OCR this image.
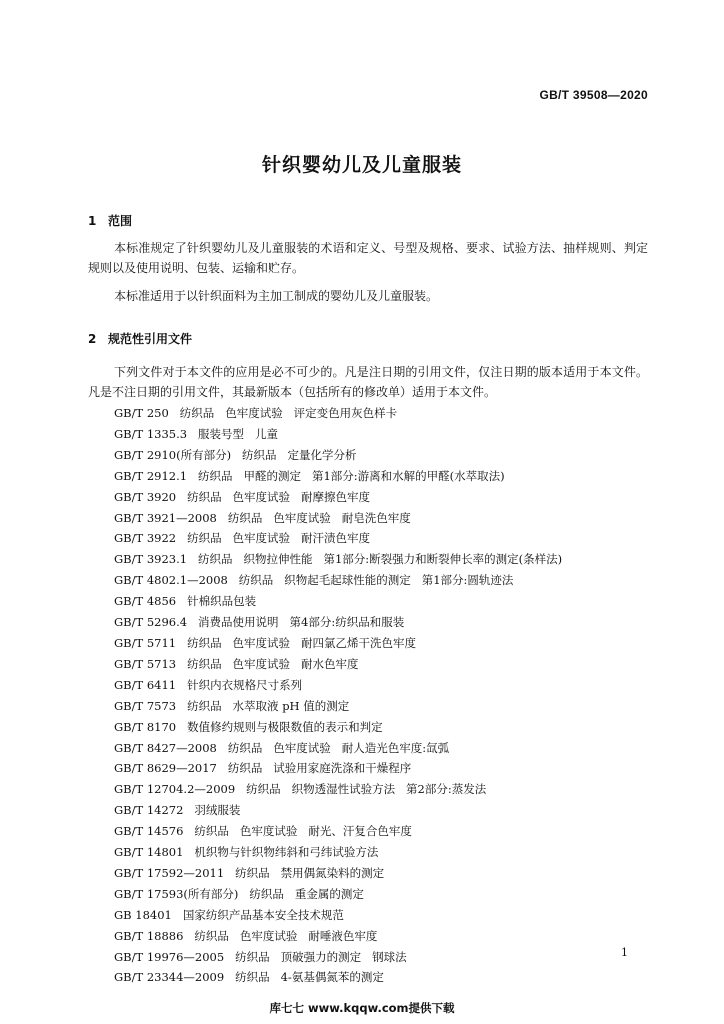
GB/T 39508—2020
针织婴幼儿及儿童服装
1 范围

本标准规定了针织婴幼儿及儿童服装的术语和定义、号型及规格、要求、试验方法、抽样规则、判定规则以及使用说明、包装、运输和贮存。

本标准适用于以针织面料为主加工制成的婴幼儿及儿童服装。

2 规范性引用文件

下列文件对于本文件的应用是必不可少的。凡是注日期的引用文件，仅注日期的版本适用于本文件。凡是不注日期的引用文件，其最新版本（包括所有的修改单）适用于本文件。

GB/T 250   纺织品   色牢度试验   评定变色用灰色样卡
GB/T 1335.3   服装号型   儿童
GB/T 2910(所有部分)   纺织品   定量化学分析
GB/T 2912.1   纺织品   甲醛的测定   第1部分:游离和水解的甲醛(水萃取法)
GB/T 3920   纺织品   色牢度试验   耐摩擦色牢度
GB/T 3921—2008   纺织品   色牢度试验   耐皂洗色牢度
GB/T 3922   纺织品   色牢度试验   耐汗渍色牢度
GB/T 3923.1   纺织品   织物拉伸性能   第1部分:断裂强力和断裂伸长率的测定(条样法)
GB/T 4802.1—2008   纺织品   织物起毛起球性能的测定   第1部分:圆轨迹法
GB/T 4856   针棉织品包装
GB/T 5296.4   消费品使用说明   第4部分:纺织品和服装
GB/T 5711   纺织品   色牢度试验   耐四氯乙烯干洗色牢度
GB/T 5713   纺织品   色牢度试验   耐水色牢度
GB/T 6411   针织内衣规格尺寸系列
GB/T 7573   纺织品   水萃取液 pH 值的测定
GB/T 8170   数值修约规则与极限数值的表示和判定
GB/T 8427—2008   纺织品   色牢度试验   耐人造光色牢度:氙弧
GB/T 8629—2017   纺织品   试验用家庭洗涤和干燥程序
GB/T 12704.2—2009   纺织品   织物透湿性试验方法   第2部分:蒸发法
GB/T 14272   羽绒服装
GB/T 14576   纺织品   色牢度试验   耐光、汗复合色牢度
GB/T 14801   机织物与针织物纬斜和弓纬试验方法
GB/T 17592—2011   纺织品   禁用偶氮染料的测定
GB/T 17593(所有部分)   纺织品   重金属的测定
GB 18401   国家纺织产品基本安全技术规范
GB/T 18886   纺织品   色牢度试验   耐唾液色牢度
GB/T 19976—2005   纺织品   顶破强力的测定   钢球法
GB/T 23344—2009   纺织品   4-氨基偶氮苯的测定
1
库七七 www.kqqw.com提供下载
